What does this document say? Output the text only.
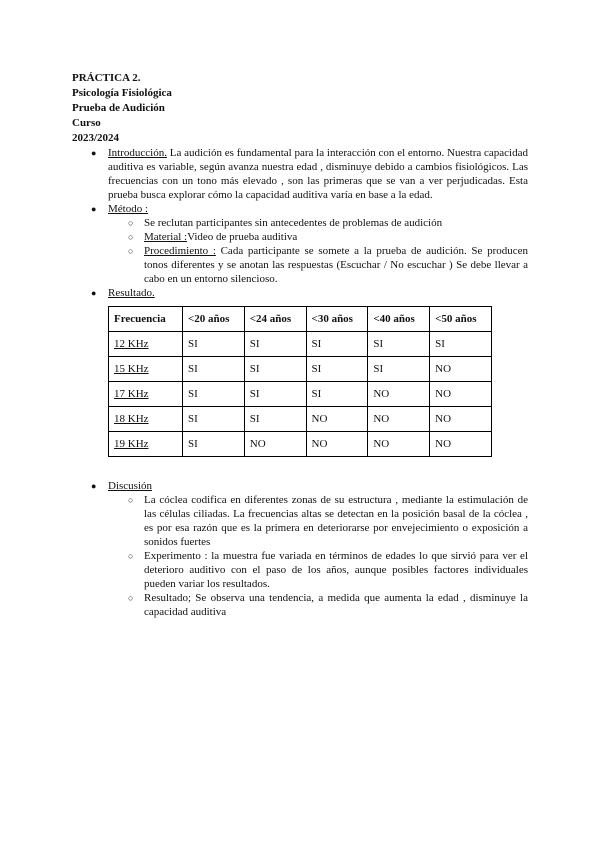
PRÁCTICA 2.
Psicología Fisiológica
Prueba de Audición
Curso
2023/2024
● Introducción. La audición es fundamental para la interacción con el entorno. Nuestra capacidad auditiva es variable, según avanza nuestra edad , disminuye debido a cambios fisiológicos. Las frecuencias con un tono más elevado , son las primeras que se van a ver perjudicadas. Esta prueba busca explorar cómo la capacidad auditiva varía en base a la edad.
● Método :
○ Se reclutan participantes sin antecedentes de problemas de audición
○ Material :Video de prueba auditiva
○ Procedimiento : Cada participante se somete a la prueba de audición. Se producen tonos diferentes y se anotan las respuestas (Escuchar / No escuchar ) Se debe llevar a cabo en un entorno silencioso.
● Resultado.
Frecuencia	<20 años	<24 años	<30 años	<40 años	<50 años
12 KHz	SI	SI	SI	SI	SI
15 KHz	SI	SI	SI	SI	NO
17 KHz	SI	SI	SI	NO	NO
18 KHz	SI	SI	NO	NO	NO
19 KHz	SI	NO	NO	NO	NO
● Discusión
○ La cóclea codifica en diferentes zonas de su estructura , mediante la estimulación de las células ciliadas. La frecuencias altas se detectan en la posición basal de la cóclea , es por esa razón que es la primera en deteriorarse por envejecimiento o exposición a sonidos fuertes
○ Experimento : la muestra fue variada en términos de edades lo que sirvió para ver el deterioro auditivo con el paso de los años, aunque posibles factores individuales pueden variar los resultados.
○ Resultado; Se observa una tendencia, a medida que aumenta la edad , disminuye la capacidad auditiva
